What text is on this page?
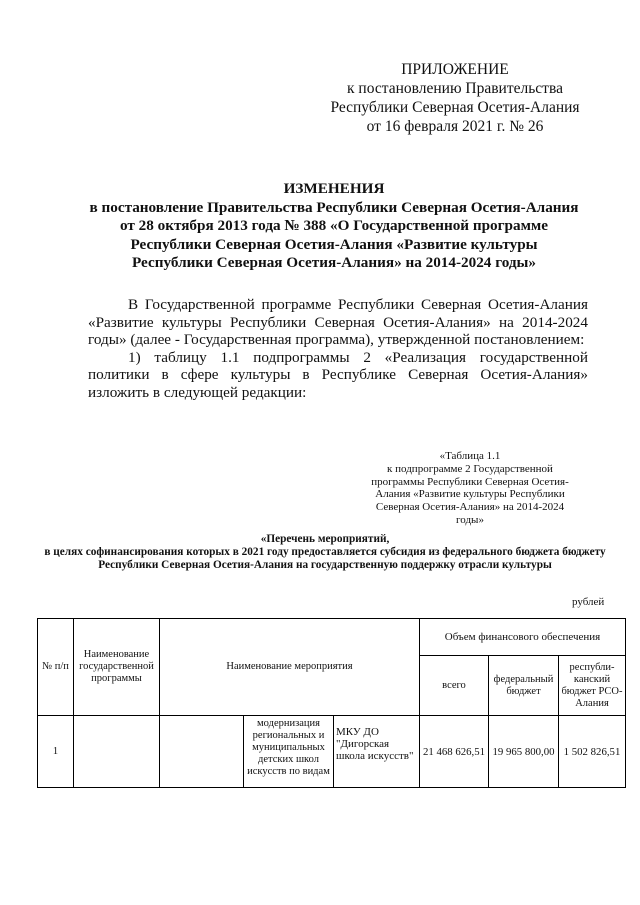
ПРИЛОЖЕНИЕ
к постановлению Правительства
Республики Северная Осетия-Алания
от 16 февраля 2021 г. № 26
ИЗМЕНЕНИЯ
в постановление Правительства Республики Северная Осетия-Алания
от 28 октября 2013 года № 388 «О Государственной программе
Республики Северная Осетия-Алания «Развитие культуры
Республики Северная Осетия-Алания» на 2014-2024 годы»

В Государственной программе Республики Северная Осетия-Алания «Развитие культуры Республики Северная Осетия-Алания» на 2014-2024 годы» (далее - Государственная программа), утвержденной постановлением:

1) таблицу 1.1 подпрограммы 2 «Реализация государственной политики в сфере культуры в Республике Северная Осетия-Алания» изложить в следующей редакции:

«Таблица 1.1
к подпрограмме 2 Государственной
программы Республики Северная Осетия-
Алания «Развитие культуры Республики
Северная Осетия-Алания» на 2014-2024
годы»
«Перечень мероприятий,
в целях софинансирования которых в 2021 году предоставляется субсидия из федерального бюджета бюджету
Республики Северная Осетия-Алания на государственную поддержку отрасли культуры
рублей
№ п/п	Наименование государственной программы	Наименование мероприятия			Объем финансового обеспечения		
					всего	федеральный бюджет	республи-канский бюджет РСО-Алания
1			модернизация региональных и муниципальных детских школ искусств по видам	МКУ ДО "Дигорская школа искусств"	21 468 626,51	19 965 800,00	1 502 826,51
